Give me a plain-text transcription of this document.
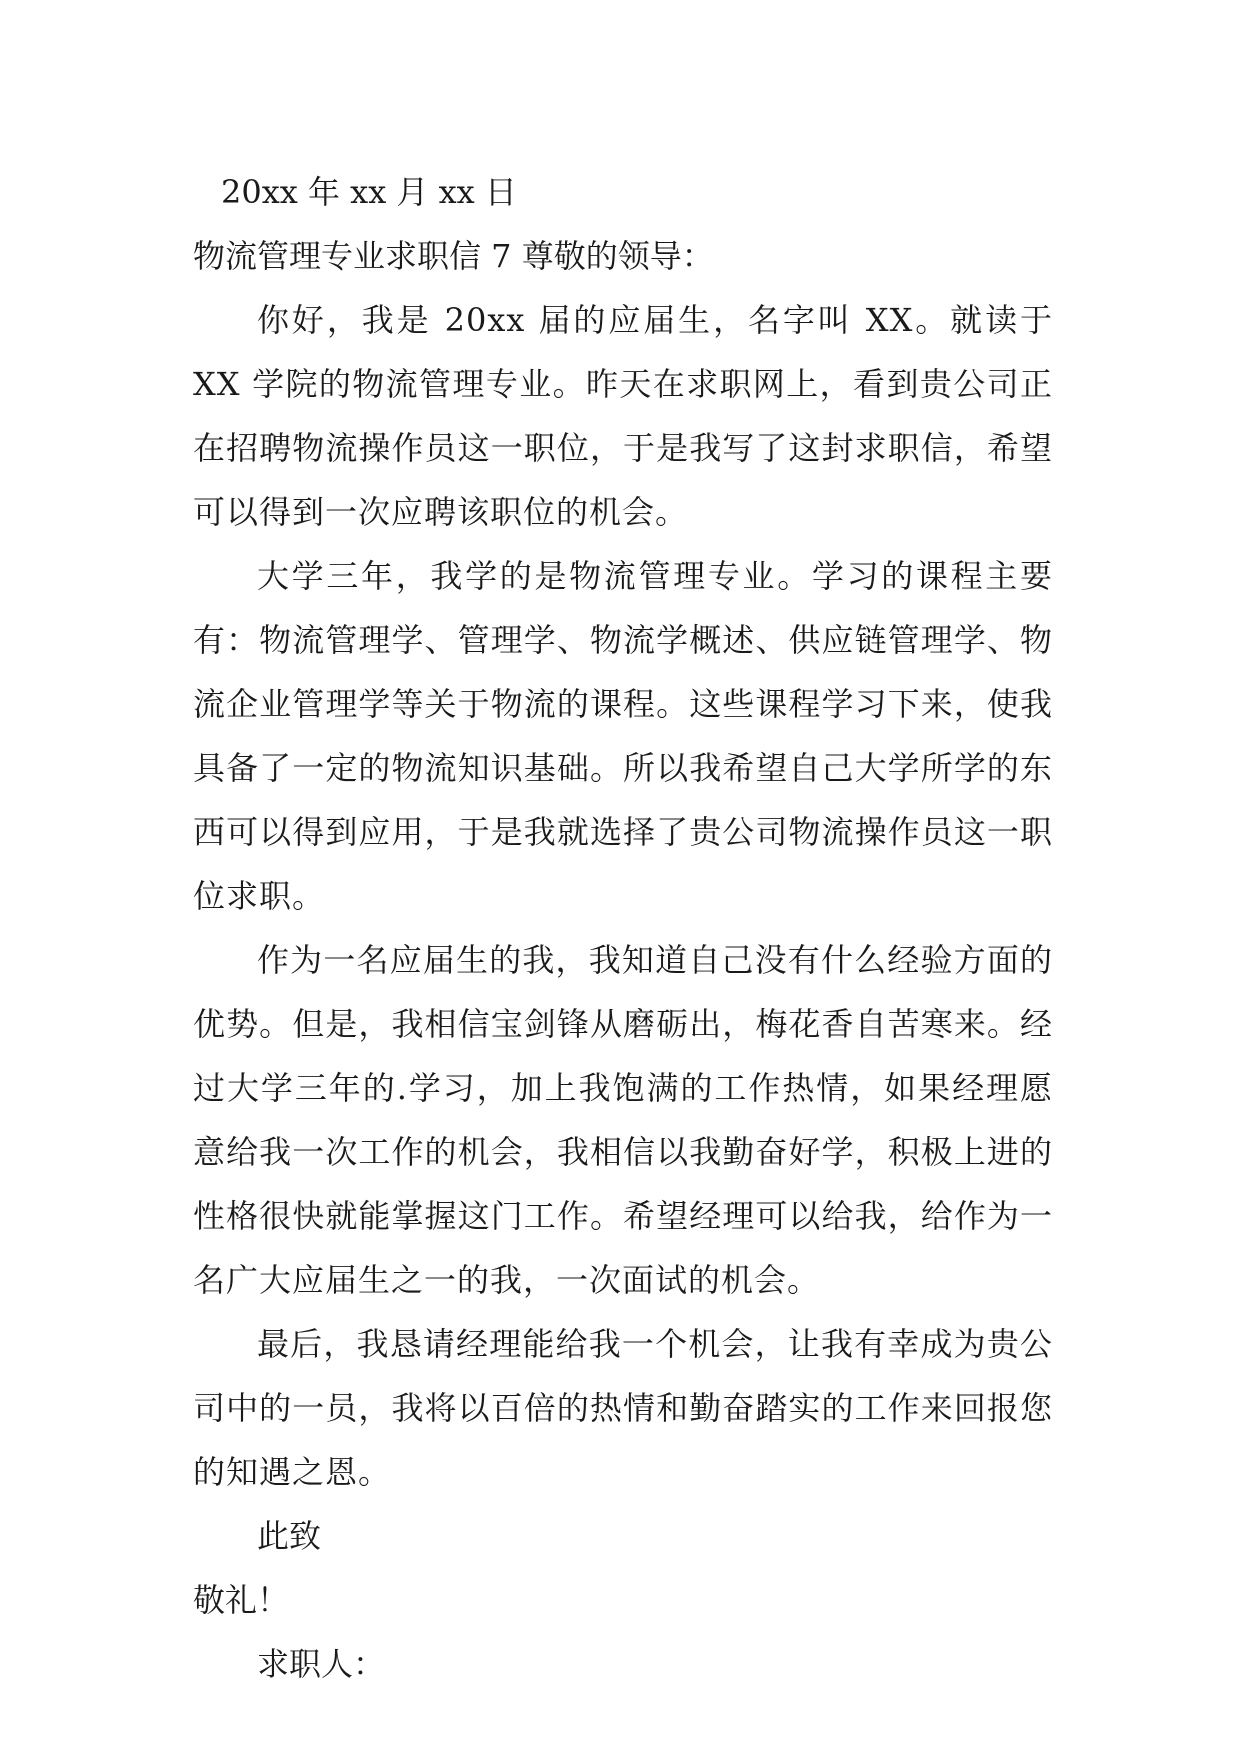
20xx 年 xx 月 xx 日

物流管理专业求职信 7 尊敬的领导：

你好，我是 20xx 届的应届生，名字叫 XX。就读于 XX 学院的物流管理专业。昨天在求职网上，看到贵公司正在招聘物流操作员这一职位，于是我写了这封求职信，希望可以得到一次应聘该职位的机会。

大学三年，我学的是物流管理专业。学习的课程主要有：物流管理学、管理学、物流学概述、供应链管理学、物流企业管理学等关于物流的课程。这些课程学习下来，使我具备了一定的物流知识基础。所以我希望自己大学所学的东西可以得到应用，于是我就选择了贵公司物流操作员这一职位求职。

作为一名应届生的我，我知道自己没有什么经验方面的优势。但是，我相信宝剑锋从磨砺出，梅花香自苦寒来。经过大学三年的.学习，加上我饱满的工作热情，如果经理愿意给我一次工作的机会，我相信以我勤奋好学，积极上进的性格很快就能掌握这门工作。希望经理可以给我，给作为一名广大应届生之一的我，一次面试的机会。

最后，我恳请经理能给我一个机会，让我有幸成为贵公司中的一员，我将以百倍的热情和勤奋踏实的工作来回报您的知遇之恩。

此致

敬礼！

求职人：
